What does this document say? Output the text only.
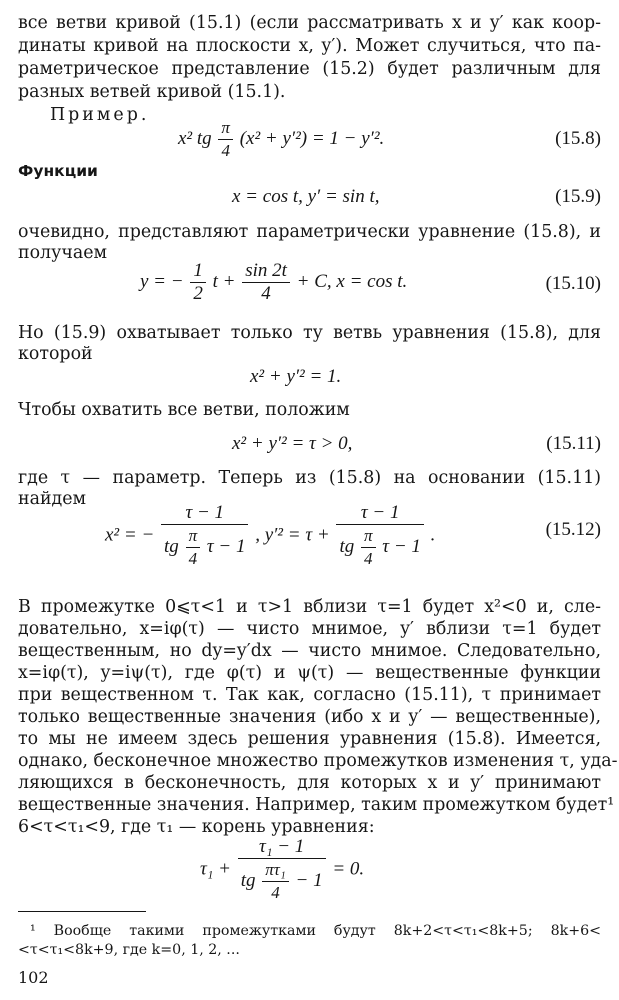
все ветви кривой (15.1) (если рассматривать x и y′ как коор-
динаты кривой на плоскости x, y′). Может случиться, что па-
раметрическое представление (15.2) будет различным для
разных ветвей кривой (15.1).
Пример.
x² tg $\frac{\pi}{4} (x^2 + y'^2) = 1 - y'^2$.	(15.8)
Функции
x = cos t, y′ = sin t,	(15.9)
очевидно, представляют параметрически уравнение (15.8), и
получаем
y = − $\frac{1}{2}$ $t + \frac{\sin 2t}{4} + C$, x = cos t.	(15.10)
Но (15.9) охватывает только ту ветвь уравнения (15.8), для
которой
x² + y′² = 1.
Чтобы охватить все ветви, положим
x² + y′² = τ > 0,	(15.11)
где τ — параметр. Теперь из (15.8) на основании (15.11)
найдем
x² = − $\frac{\tau - 1}{tg \frac{\pi}{4} \tau - 1}$ , $y'^2 = \tau + \frac{\tau - 1}{tg \frac{\pi}{4} \tau - 1}$ .	(15.12)
В промежутке 0⩽τ<1 и τ>1 вблизи τ=1 будет x²<0 и, сле-
довательно, x=iφ(τ) — чисто мнимое, y′ вблизи τ=1 будет
вещественным, но dy=y′dx — чисто мнимое. Следовательно,
x=iφ(τ), y=iψ(τ), где φ(τ) и ψ(τ) — вещественные функции
при вещественном τ. Так как, согласно (15.11), τ принимает
только вещественные значения (ибо x и y′ — вещественные),
то мы не имеем здесь решения уравнения (15.8). Имеется,
однако, бесконечное множество промежутков изменения τ, уда-
ляющихся в бесконечность, для которых x и y′ принимают
вещественные значения. Например, таким промежутком будет¹
6<τ<τ₁<9, где τ₁ — корень уравнения:
$\tau_1 + \frac{\text{τ₁ − 1}}{tg \frac{\text{πτ₁}}{4} - 1} = 0$.
¹ Вообще такими промежутками будут 8k+2<τ<τ₁<8k+5; 8k+6<
<τ<τ₁<8k+9, где k=0, 1, 2, ...
102
